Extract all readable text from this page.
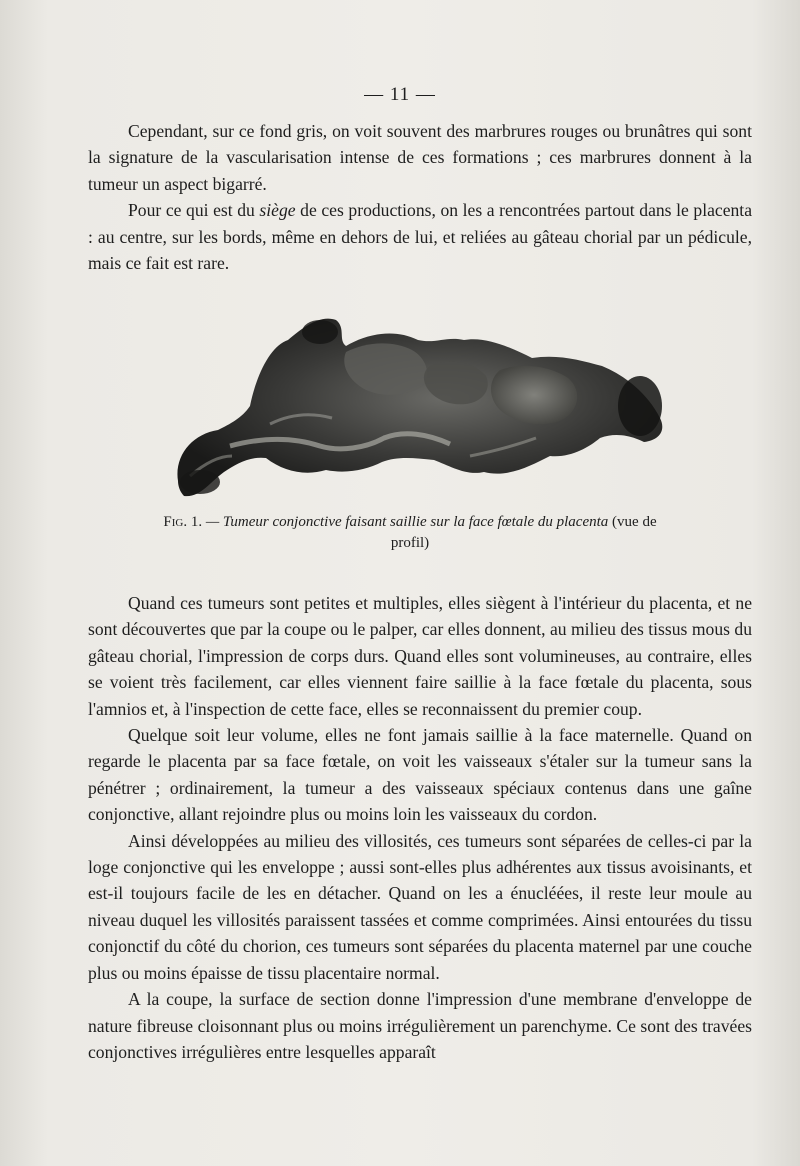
— 11 —

Cependant, sur ce fond gris, on voit souvent des marbrures rouges ou brunâtres qui sont la signature de la vascularisation intense de ces formations ; ces marbrures donnent à la tumeur un aspect bigarré.

Pour ce qui est du siège de ces productions, on les a rencontrées partout dans le placenta : au centre, sur les bords, même en dehors de lui, et reliées au gâteau chorial par un pédicule, mais ce fait est rare.

Fig. 1. — Tumeur conjonctive faisant saillie sur la face fœtale du placenta (vue de profil)

Quand ces tumeurs sont petites et multiples, elles siègent à l'intérieur du placenta, et ne sont découvertes que par la coupe ou le palper, car elles donnent, au milieu des tissus mous du gâteau chorial, l'impression de corps durs. Quand elles sont volumineuses, au contraire, elles se voient très facilement, car elles viennent faire saillie à la face fœtale du placenta, sous l'amnios et, à l'inspection de cette face, elles se reconnaissent du premier coup.

Quelque soit leur volume, elles ne font jamais saillie à la face maternelle. Quand on regarde le placenta par sa face fœtale, on voit les vaisseaux s'étaler sur la tumeur sans la pénétrer ; ordinairement, la tumeur a des vaisseaux spéciaux contenus dans une gaîne conjonctive, allant rejoindre plus ou moins loin les vaisseaux du cordon.

Ainsi développées au milieu des villosités, ces tumeurs sont séparées de celles-ci par la loge conjonctive qui les enveloppe ; aussi sont-elles plus adhérentes aux tissus avoisinants, et est-il toujours facile de les en détacher. Quand on les a énucléées, il reste leur moule au niveau duquel les villosités paraissent tassées et comme comprimées. Ainsi entourées du tissu conjonctif du côté du chorion, ces tumeurs sont séparées du placenta maternel par une couche plus ou moins épaisse de tissu placentaire normal.

A la coupe, la surface de section donne l'impression d'une membrane d'enveloppe de nature fibreuse cloisonnant plus ou moins irrégulièrement un parenchyme. Ce sont des travées conjonctives irrégulières entre lesquelles apparaît
